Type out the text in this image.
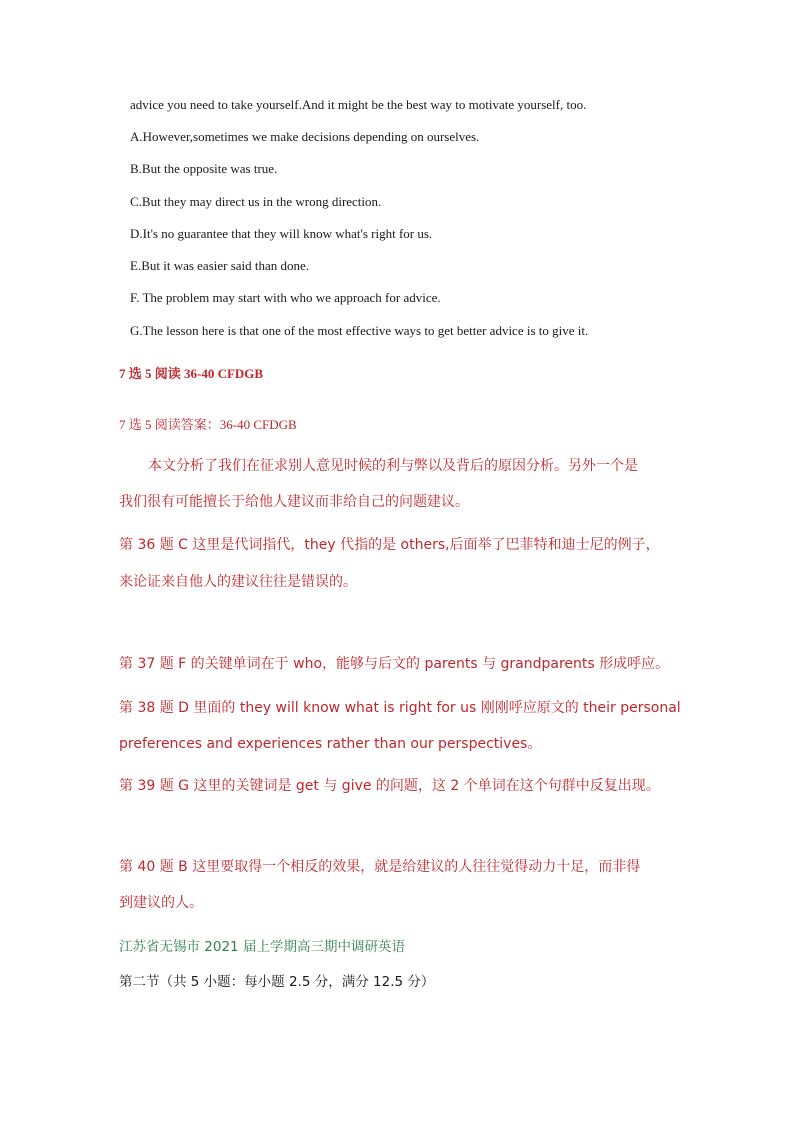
advice you need to take yourself.And it might be the best way to motivate yourself, too.
A.However,sometimes we make decisions depending on ourselves.
B.But the opposite was true.
C.But they may direct us in the wrong direction.
D.It's no guarantee that they will know what's right for us.
E.But it was easier said than done.
F. The problem may start with who we approach for advice.
G.The lesson here is that one of the most effective ways to get better advice is to give it.
7 选 5 阅读 36-40 CFDGB
7 选 5 阅读答案：36-40 CFDGB
本文分析了我们在征求别人意见时候的利与弊以及背后的原因分析。另外一个是
我们很有可能擅长于给他人建议而非给自己的问题建议。
第 36 题 C 这里是代词指代，they 代指的是 others,后面举了巴菲特和迪士尼的例子，
来论证来自他人的建议往往是错误的。
第 37 题 F 的关键单词在于 who，能够与后文的 parents 与 grandparents 形成呼应。
第 38 题 D 里面的 they will know what is right for us 刚刚呼应原文的 their personal
preferences and experiences rather than our perspectives。
第 39 题 G 这里的关键词是 get 与 give 的问题，这 2 个单词在这个句群中反复出现。
第 40 题 B 这里要取得一个相反的效果，就是给建议的人往往觉得动力十足，而非得
到建议的人。
江苏省无锡市 2021 届上学期高三期中调研英语
第二节（共 5 小题：每小题 2.5 分，满分 12.5 分）
